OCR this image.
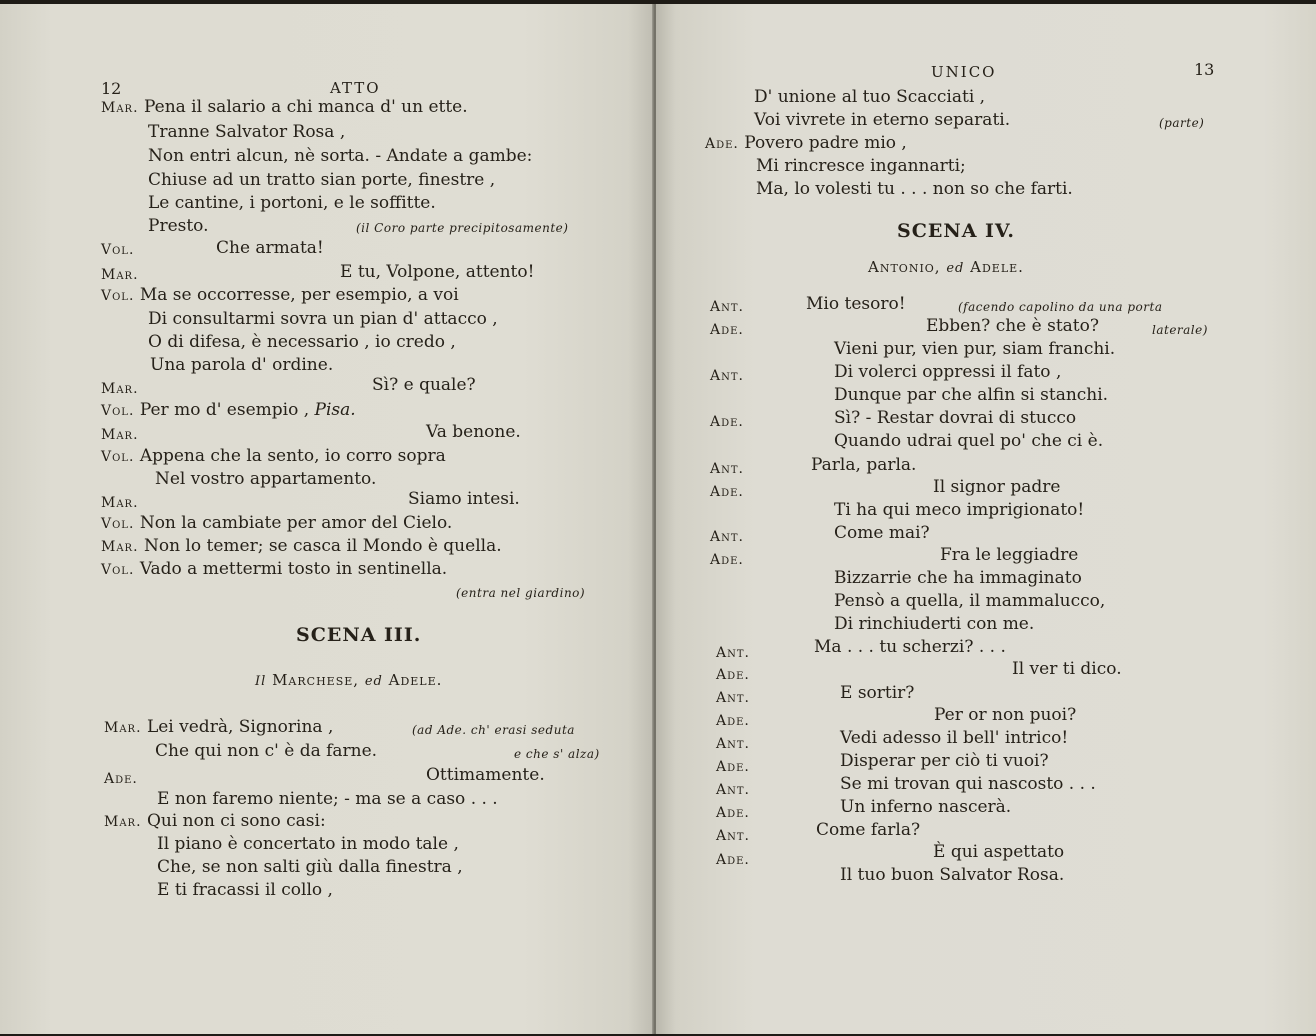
12	ATTO
Mar. Pena il salario a chi manca d' un ette.
Tranne Salvator Rosa ,
Non entri alcun, nè sorta. - Andate a gambe:
Chiuse ad un tratto sian porte, finestre ,
Le cantine, i portoni, e le soffitte.
Presto.	(il Coro parte precipitosamente)
Vol.	Che armata!
Mar.	E tu, Volpone, attento!
Vol. Ma se occorresse, per esempio, a voi
Di consultarmi sovra un pian d' attacco ,
O di difesa, è necessario , io credo ,
Una parola d' ordine.
Mar.	Sì? e quale?
Vol. Per mo d' esempio , Pisa.
Mar.	Va benone.
Vol. Appena che la sento, io corro sopra
Nel vostro appartamento.
Mar.	Siamo intesi.
Vol. Non la cambiate per amor del Cielo.
Mar. Non lo temer; se casca il Mondo è quella.
Vol. Vado a mettermi tosto in sentinella.
(entra nel giardino)
SCENA III.
Il Marchese, ed Adele.
Mar. Lei vedrà, Signorina ,	(ad Ade. ch' erasi seduta
Che qui non c' è da farne.	e che s' alza)
Ade.	Ottimamente.
E non faremo niente; - ma se a caso . . .
Mar. Qui non ci sono casi:
Il piano è concertato in modo tale ,
Che, se non salti giù dalla finestra ,
E ti fracassi il collo ,
UNICO	13
D' unione al tuo Scacciati ,
Voi vivrete in eterno separati.	(parte)
Ade. Povero padre mio ,
Mi rincresce ingannarti;
Ma, lo volesti tu . . . non so che farti.
SCENA IV.
Antonio, ed Adele.
Ant.	Mio tesoro!	(facendo capolino da una porta
Ade.	Ebben? che è stato?	laterale)
Vieni pur, vien pur, siam franchi.
Ant.	Di volerci oppressi il fato ,
Dunque par che alfin si stanchi.
Ade.	Sì? - Restar dovrai di stucco
Quando udrai quel po' che ci è.
Ant.	Parla, parla.
Ade.	Il signor padre
Ti ha qui meco imprigionato!
Ant.	Come mai?
Ade.	Fra le leggiadre
Bizzarrie che ha immaginato
Pensò a quella, il mammalucco,
Di rinchiuderti con me.
Ant.	Ma . . . tu scherzi? . . .
Ade.	Il ver ti dico.
Ant.	E sortir?
Ade.	Per or non puoi?
Ant.	Vedi adesso il bell' intrico!
Ade.	Disperar per ciò ti vuoi?
Ant.	Se mi trovan qui nascosto . . .
Ade.	Un inferno nascerà.
Ant.	Come farla?
Ade.	È qui aspettato
Il tuo buon Salvator Rosa.
